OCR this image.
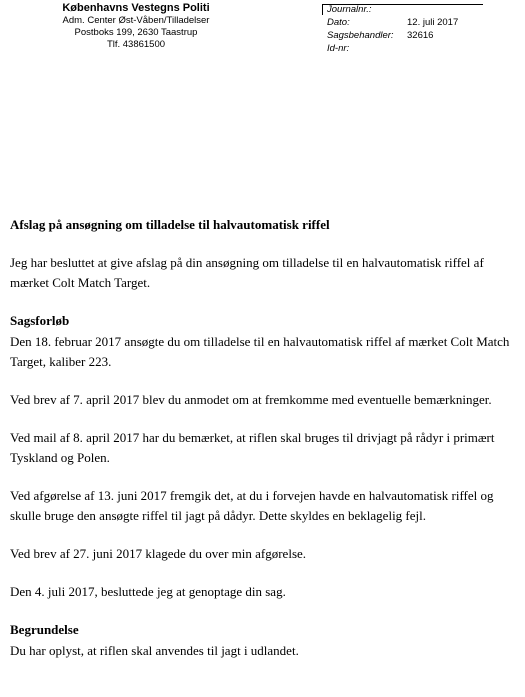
Københavns Vestegns Politi
Adm. Center Øst-Våben/Tilladelser
Postboks 199, 2630 Taastrup
Tlf. 43861500
Journalnr.:
Dato:	12. juli 2017
Sagsbehandler: 32616
Id-nr:

Afslag på ansøgning om tilladelse til halvautomatisk riffel

Jeg har besluttet at give afslag på din ansøgning om tilladelse til en halvautomatisk riffel af mærket Colt Match Target.

Sagsforløb

Den 18. februar 2017 ansøgte du om tilladelse til en halvautomatisk riffel af mærket Colt Match Target, kaliber 223.

Ved brev af 7. april 2017 blev du anmodet om at fremkomme med eventuelle bemærkninger.

Ved mail af 8. april 2017 har du bemærket, at riflen skal bruges til drivjagt på rådyr i primært Tyskland og Polen.

Ved afgørelse af 13. juni 2017 fremgik det, at du i forvejen havde en halvautomatisk riffel og skulle bruge den ansøgte riffel til jagt på dådyr. Dette skyldes en beklagelig fejl.

Ved brev af 27. juni 2017 klagede du over min afgørelse.

Den 4. juli 2017, besluttede jeg at genoptage din sag.

Begrundelse

Du har oplyst, at riflen skal anvendes til jagt i udlandet.
